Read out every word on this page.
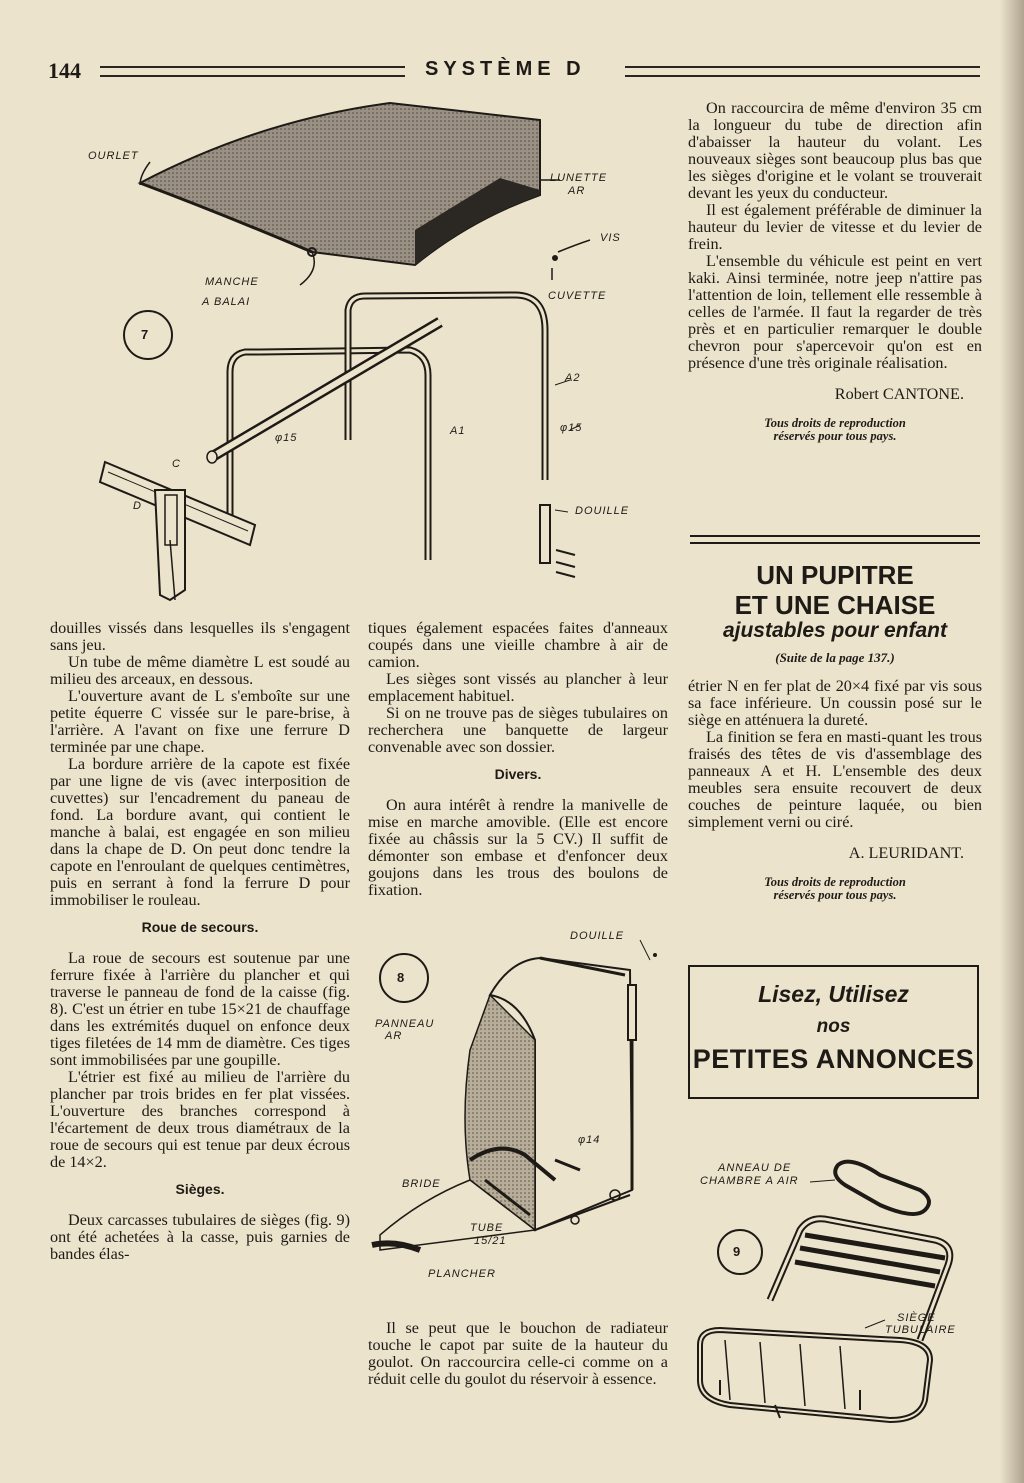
144	SYSTÈME D
OURLET
LUNETTE
AR
VIS
CUVETTE
MANCHE
A BALAI
7
A2
A1
φ15
φ15
C
D	DOUILLE

On raccourcira de même d'environ 35 cm la longueur du tube de direction afin d'abaisser la hauteur du volant. Les nouveaux sièges sont beaucoup plus bas que les sièges d'origine et le volant se trouverait devant les yeux du conducteur.

Il est également préférable de diminuer la hauteur du levier de vitesse et du levier de frein.

L'ensemble du véhicule est peint en vert kaki. Ainsi terminée, notre jeep n'attire pas l'attention de loin, tellement elle ressemble à celles de l'armée. Il faut la regarder de très près et en particulier remarquer le double chevron pour s'apercevoir qu'on est en présence d'une très originale réalisation.

Robert CANTONE.

Tous droits de reproduction
réservés pour tous pays.
UN PUPITRE
ET UNE CHAISE
ajustables pour enfant
(Suite de la page 137.)

étrier N en fer plat de 20×4 fixé par vis sous sa face inférieure. Un coussin posé sur le siège en atténuera la dureté.

La finition se fera en masti-quant les trous fraisés des têtes de vis d'assemblage des panneaux A et H. L'ensemble des deux meubles sera ensuite recouvert de deux couches de peinture laquée, ou bien simplement verni ou ciré.

A. LEURIDANT.

Tous droits de reproduction
réservés pour tous pays.
Lisez, Utilisez
nos
PETITES ANNONCES

douilles vissés dans lesquelles ils s'engagent sans jeu.

Un tube de même diamètre L est soudé au milieu des arceaux, en dessous.

L'ouverture avant de L s'emboîte sur une petite équerre C vissée sur le pare-brise, à l'arrière. A l'avant on fixe une ferrure D terminée par une chape.

La bordure arrière de la capote est fixée par une ligne de vis (avec interposition de cuvettes) sur l'encadrement du paneau de fond. La bordure avant, qui contient le manche à balai, est engagée en son milieu dans la chape de D. On peut donc tendre la capote en l'enroulant de quelques centimètres, puis en serrant à fond la ferrure D pour immobiliser le rouleau.

Roue de secours.

La roue de secours est soutenue par une ferrure fixée à l'arrière du plancher et qui traverse le panneau de fond de la caisse (fig. 8). C'est un étrier en tube 15×21 de chauffage dans les extrémités duquel on enfonce deux tiges filetées de 14 mm de diamètre. Ces tiges sont immobilisées par une goupille.

L'étrier est fixé au milieu de l'arrière du plancher par trois brides en fer plat vissées. L'ouverture des branches correspond à l'écartement de deux trous diamétraux de la roue de secours qui est tenue par deux écrous de 14×2.

Sièges.

Deux carcasses tubulaires de sièges (fig. 9) ont été achetées à la casse, puis garnies de bandes élas-

tiques également espacées faites d'anneaux coupés dans une vieille chambre à air de camion.

Les sièges sont vissés au plancher à leur emplacement habituel.

Si on ne trouve pas de sièges tubulaires on recherchera une banquette de largeur convenable avec son dossier.

Divers.

On aura intérêt à rendre la manivelle de mise en marche amovible. (Elle est encore fixée au châssis sur la 5 CV.) Il suffit de démonter son embase et d'enfoncer deux goujons dans les trous des boulons de fixation.

Il se peut que le bouchon de radiateur touche le capot par suite de la hauteur du goulot. On raccourcira celle-ci comme on a réduit celle du goulot du réservoir à essence.

8
DOUILLE
PANNEAU
AR
φ14
BRIDE
TUBE
15/21
PLANCHER
9
ANNEAU DE
CHAMBRE A AIR
SIÈGE
TUBULAIRE
